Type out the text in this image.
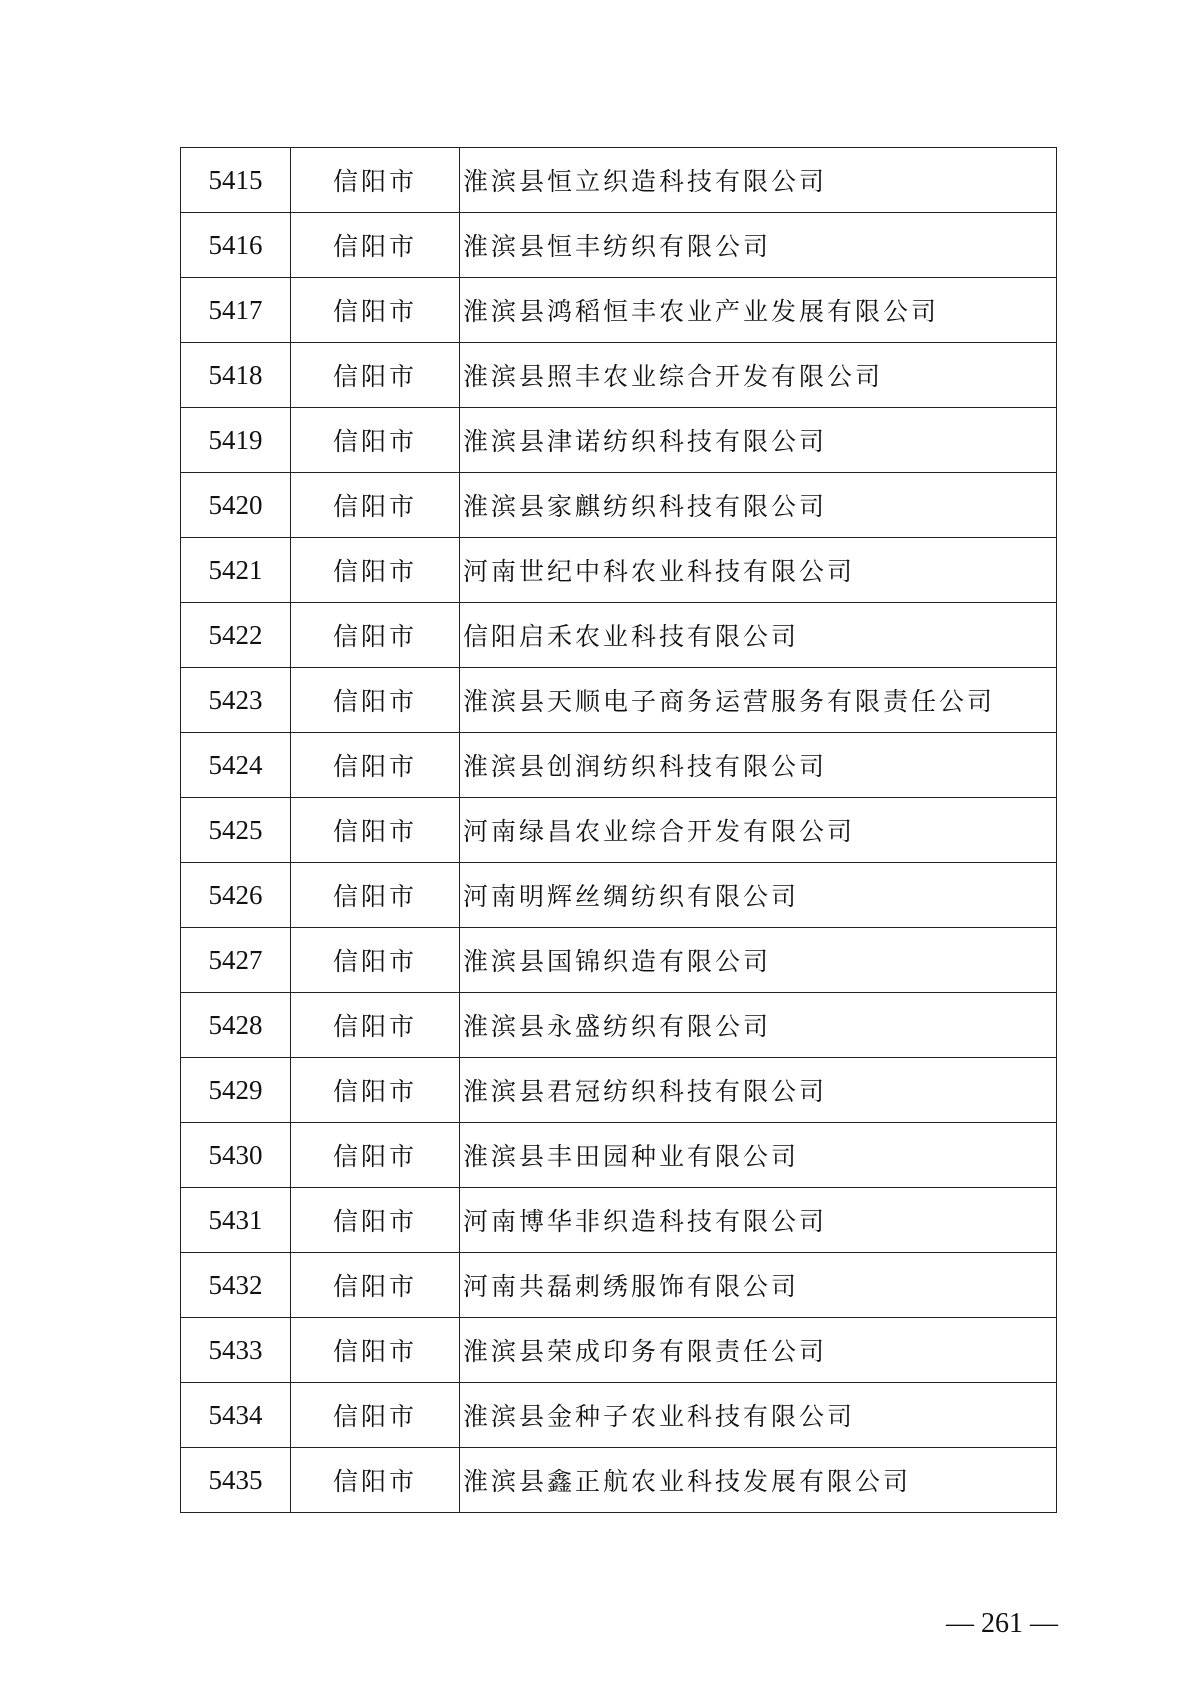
5415	信阳市	淮滨县恒立织造科技有限公司
5416	信阳市	淮滨县恒丰纺织有限公司
5417	信阳市	淮滨县鸿稻恒丰农业产业发展有限公司
5418	信阳市	淮滨县照丰农业综合开发有限公司
5419	信阳市	淮滨县津诺纺织科技有限公司
5420	信阳市	淮滨县家麒纺织科技有限公司
5421	信阳市	河南世纪中科农业科技有限公司
5422	信阳市	信阳启禾农业科技有限公司
5423	信阳市	淮滨县天顺电子商务运营服务有限责任公司
5424	信阳市	淮滨县创润纺织科技有限公司
5425	信阳市	河南绿昌农业综合开发有限公司
5426	信阳市	河南明辉丝绸纺织有限公司
5427	信阳市	淮滨县国锦织造有限公司
5428	信阳市	淮滨县永盛纺织有限公司
5429	信阳市	淮滨县君冠纺织科技有限公司
5430	信阳市	淮滨县丰田园种业有限公司
5431	信阳市	河南博华非织造科技有限公司
5432	信阳市	河南共磊刺绣服饰有限公司
5433	信阳市	淮滨县荣成印务有限责任公司
5434	信阳市	淮滨县金种子农业科技有限公司
5435	信阳市	淮滨县鑫正航农业科技发展有限公司
— 261 —
